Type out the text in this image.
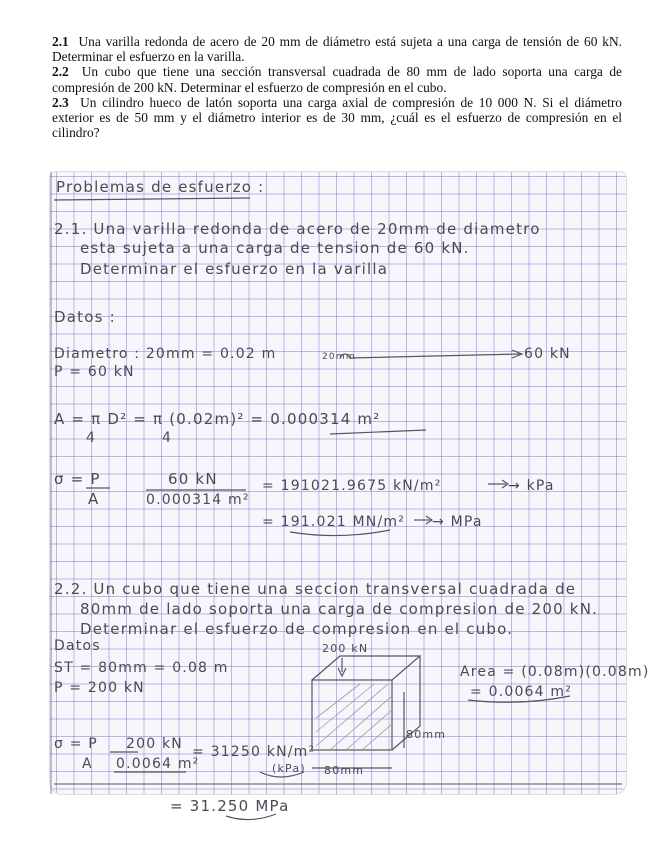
2.1 Una varilla redonda de acero de 20 mm de diámetro está sujeta a una carga de tensión de 60 kN. Determinar el esfuerzo en la varilla.

2.2 Un cubo que tiene una sección transversal cuadrada de 80 mm de lado soporta una carga de compresión de 200 kN. Determinar el esfuerzo de compresión en el cubo.

2.3 Un cilindro hueco de latón soporta una carga axial de compresión de 10 000 N. Si el diámetro exterior es de 50 mm y el diámetro interior es de 30 mm, ¿cuál es el esfuerzo de compresión en el cilindro?

Problemas de esfuerzo :
2.1. Una varilla redonda de acero de 20mm de diametro
esta sujeta a una carga de tension de 60 kN.
Determinar el esfuerzo en la varilla
Datos :
Diametro : 20mm = 0.02 m
P = 60 kN
20mm	60 kN
A = π D² = π (0.02m)² = 0.000314 m²
4	4
σ = P
A
60 kN
0.000314 m²
= 191021.9675 kN/m²	→ kPa
= 191.021 MN/m² → MPa
2.2. Un cubo que tiene una seccion transversal cuadrada de
80mm de lado soporta una carga de compresion de 200 kN.
Determinar el esfuerzo de compresion en el cubo.
Datos	200 kN
ST = 80mm = 0.08 m
P = 200 kN
Area = (0.08m)(0.08m)
= 0.0064 m²
80mm
80mm
σ = P
A
200 kN
0.0064 m²
= 31250 kN/m²
(kPa)
= 31.250 MPa
